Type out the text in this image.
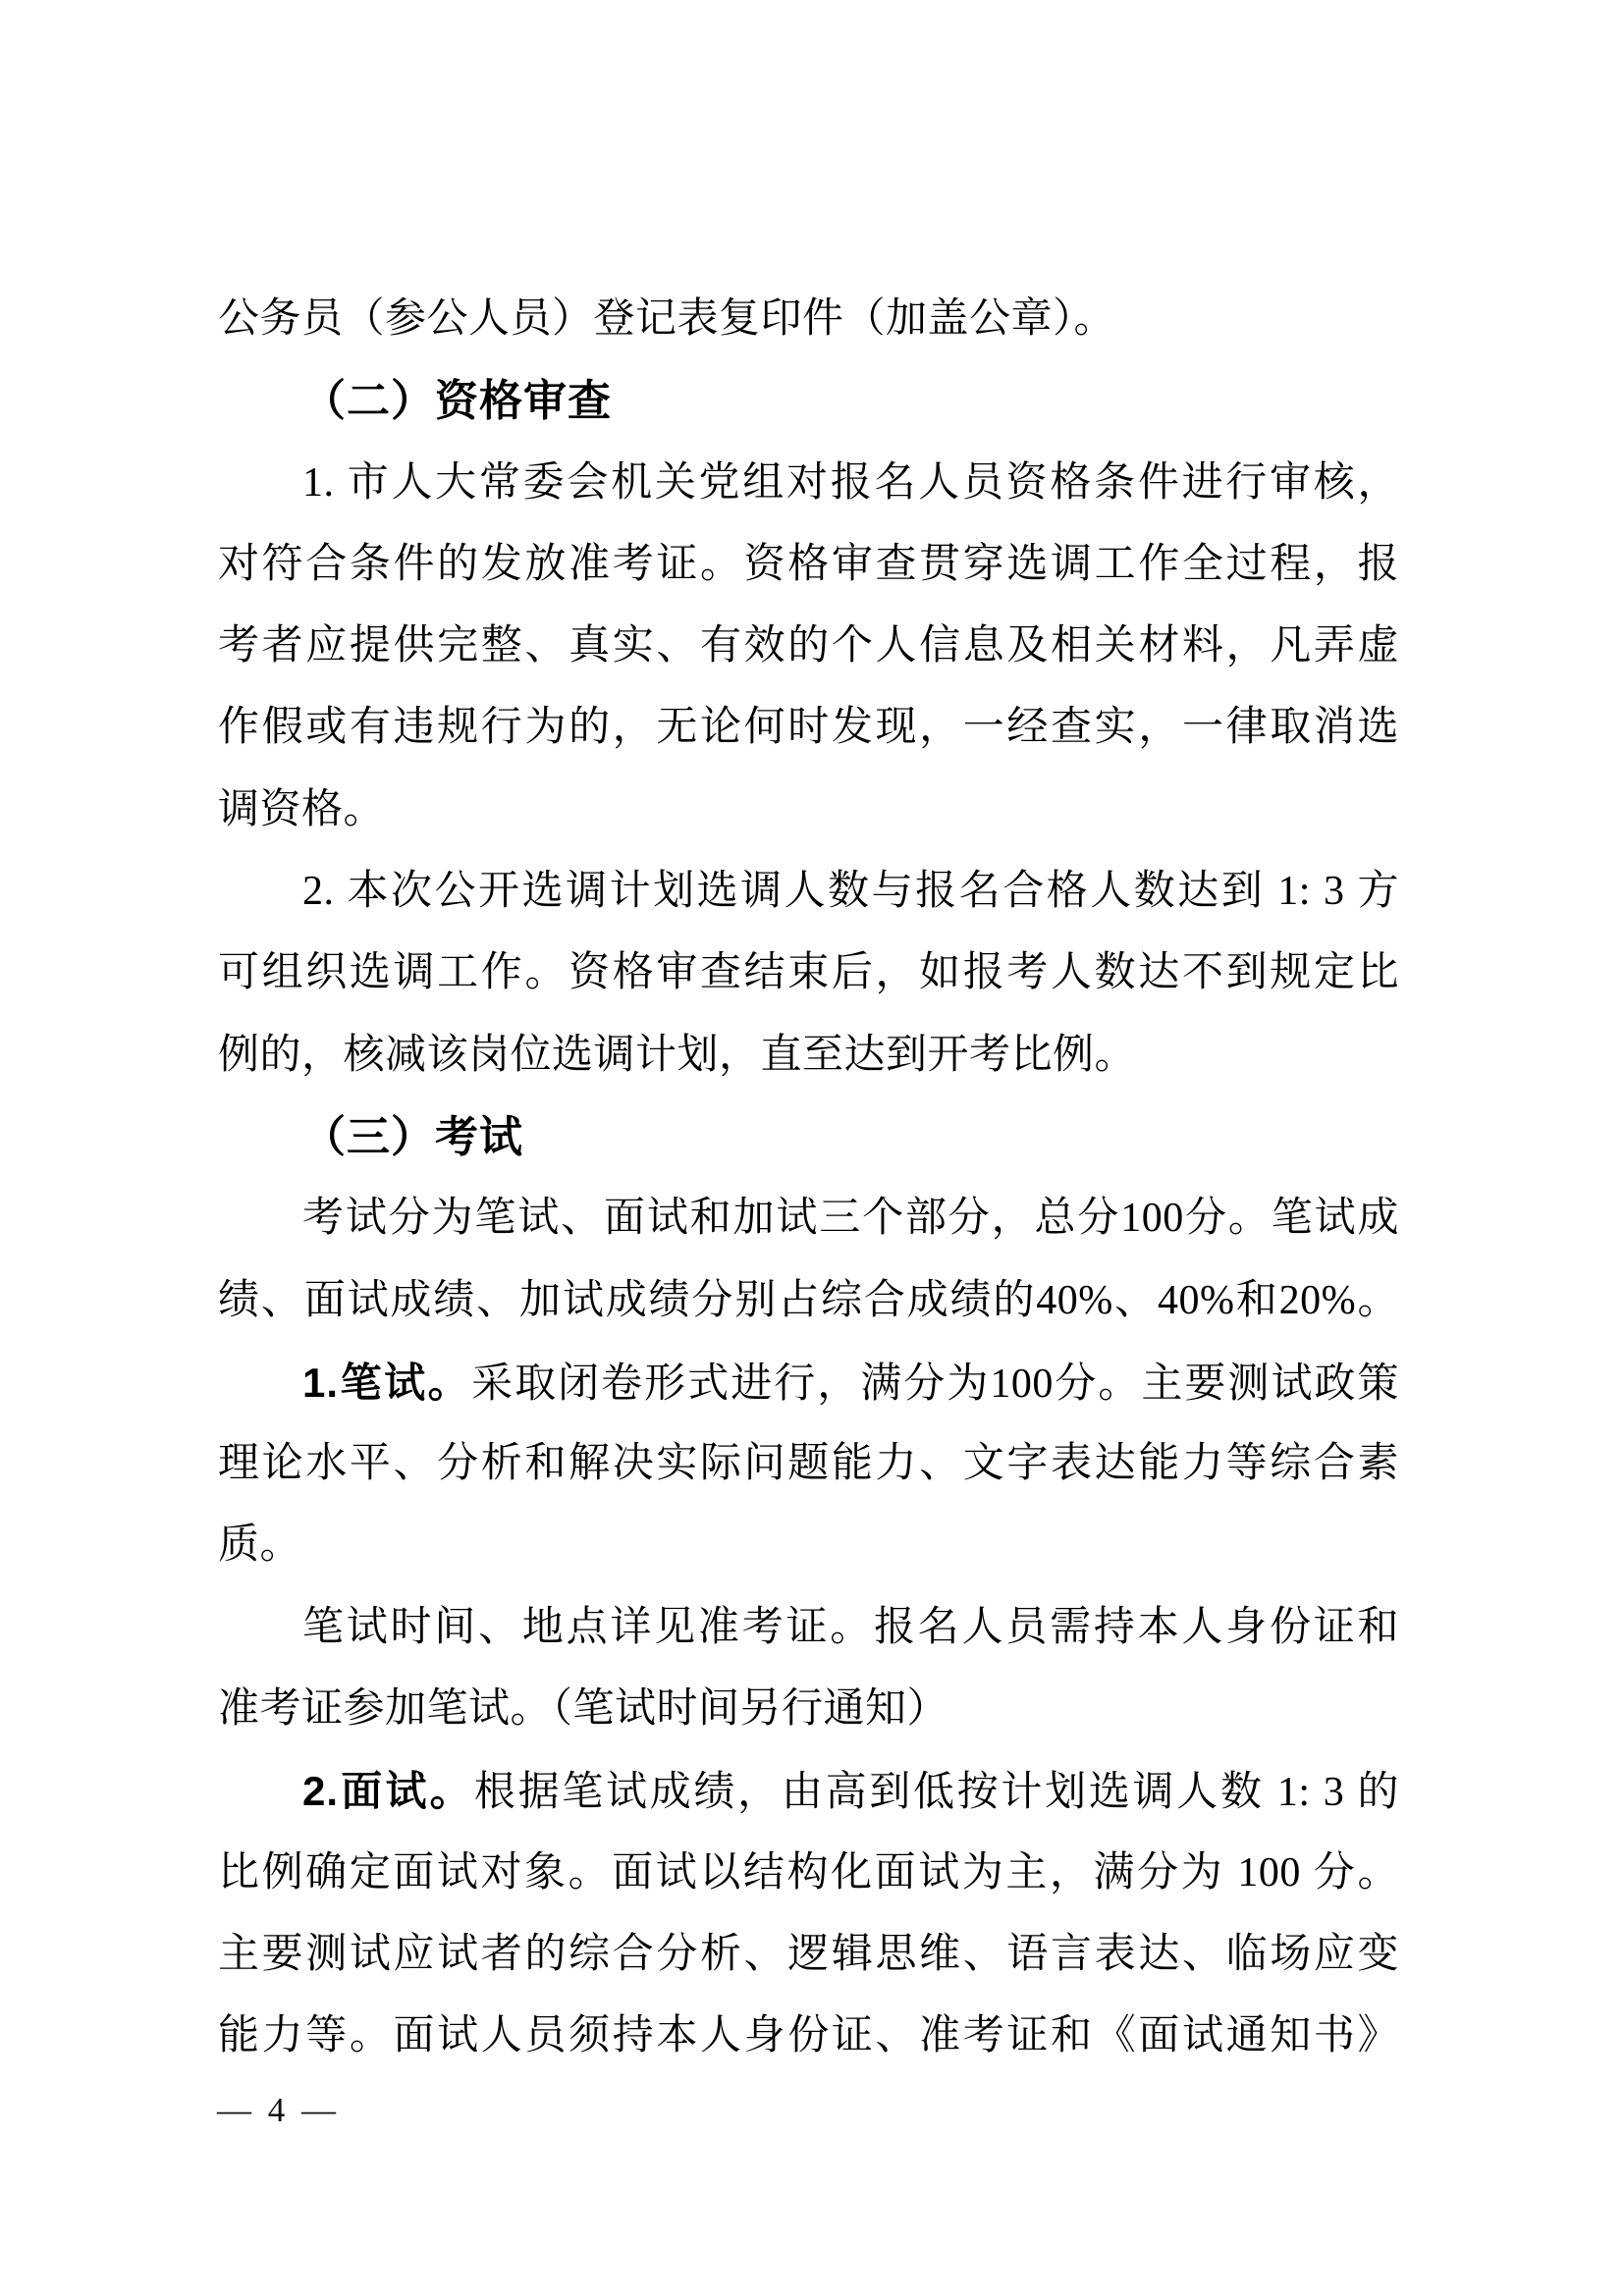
公务员（参公人员）登记表复印件（加盖公章）。
（二）资格审查
1. 市人大常委会机关党组对报名人员资格条件进行审核，
对符合条件的发放准考证。资格审查贯穿选调工作全过程，报
考者应提供完整、真实、有效的个人信息及相关材料，凡弄虚
作假或有违规行为的，无论何时发现，一经查实，一律取消选
调资格。
2. 本次公开选调计划选调人数与报名合格人数达到 1: 3 方
可组织选调工作。资格审查结束后，如报考人数达不到规定比
例的，核减该岗位选调计划，直至达到开考比例。
（三）考试
考试分为笔试、面试和加试三个部分，总分100分。笔试成
绩、面试成绩、加试成绩分别占综合成绩的40%、40%和20%。
1.笔试。采取闭卷形式进行，满分为100分。主要测试政策
理论水平、分析和解决实际问题能力、文字表达能力等综合素
质。
笔试时间、地点详见准考证。报名人员需持本人身份证和
准考证参加笔试。（笔试时间另行通知）
2.面试。根据笔试成绩，由高到低按计划选调人数 1: 3 的
比例确定面试对象。面试以结构化面试为主，满分为 100 分。
主要测试应试者的综合分析、逻辑思维、语言表达、临场应变
能力等。面试人员须持本人身份证、准考证和《面试通知书》
— 4 —
